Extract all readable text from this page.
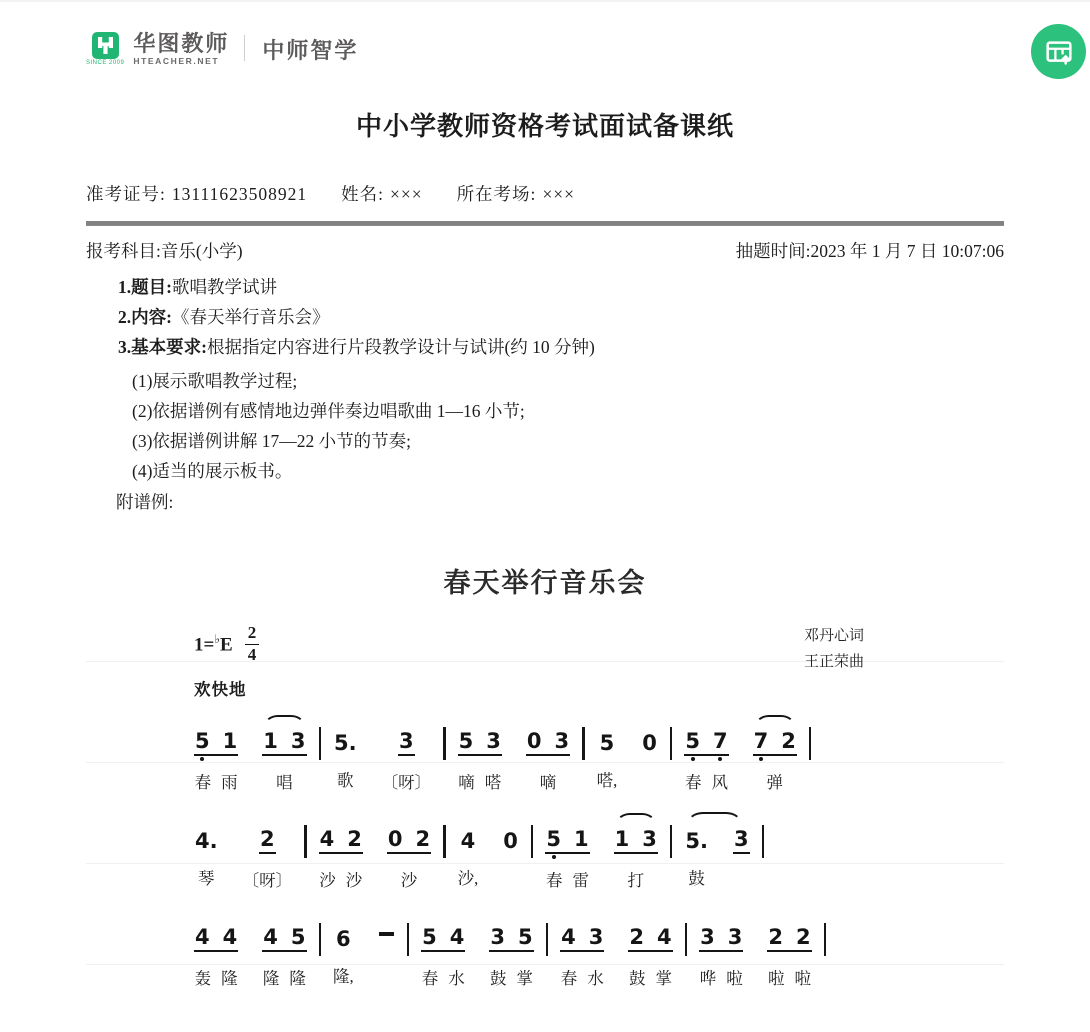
SINCE 2009
华图教师
HTEACHER.NET	中师智学
中小学教师资格考试面试备课纸
准考证号: 13111623508921 姓名: ××× 所在考场: ×××
报考科目:音乐(小学)	抽题时间:2023 年 1 月 7 日 10:07:06
1.题目:歌唱教学试讲
2.内容:《春天举行音乐会》
3.基本要求:根据指定内容进行片段教学设计与试讲(约 10 分钟)
(1)展示歌唱教学过程;
(2)依据谱例有感情地边弹伴奏边唱歌曲 1—16 小节;
(3)依据谱例讲解 17—22 小节的节奏;
(4)适当的展示板书。
附谱例:
春天举行音乐会
$1=^♭E \frac{2}{4}$
欢快地
邓丹心词
王正荣曲
5 1
春雨
1 3
唱
5.
歌
3
〔呀〕
5 3
嘀嗒
0 3
嘀
5
嗒,
0 5 7
春风
7 2
弹
4.
琴
2
〔呀〕
4 2
沙沙
0 2
沙
4
沙,
0 5 1
春雷
1 3
打
5.
鼓
3
4 4
轰隆
4 5
隆隆
6
隆,
5 4
春水
3 5
鼓掌
4 3
春水
2 4
鼓掌
3 3
哗啦
2 2
啦啦
